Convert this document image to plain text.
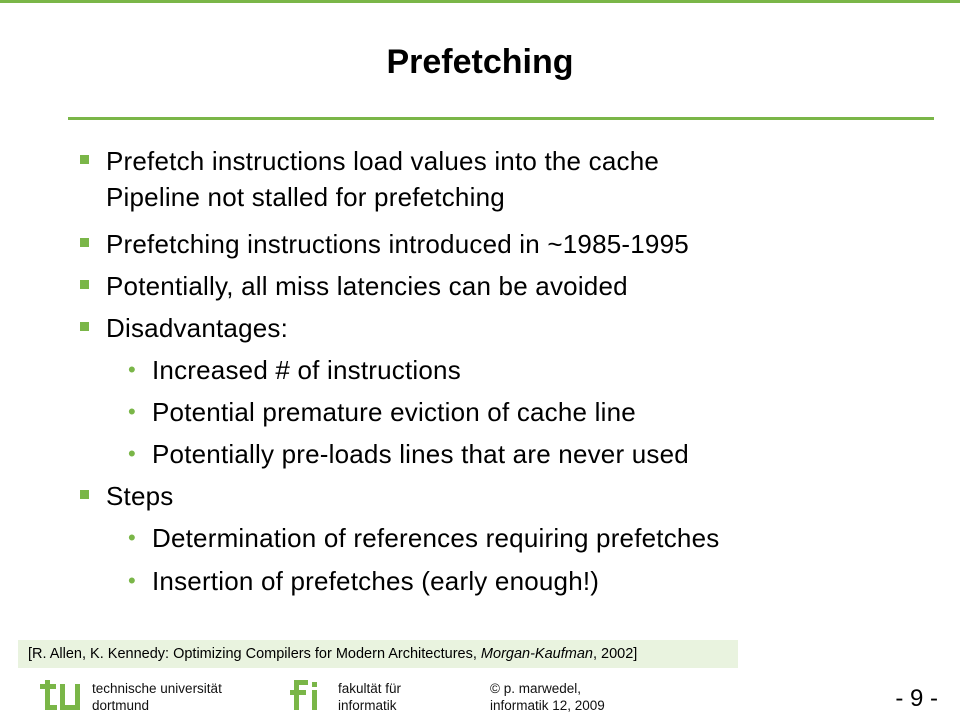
Prefetching
Prefetch instructions load values into the cache
Pipeline not stalled for prefetching
Prefetching instructions introduced in ~1985-1995
Potentially, all miss latencies can be avoided
Disadvantages:
• Increased # of instructions
• Potential premature eviction of cache line
• Potentially pre-loads lines that are never used
Steps
• Determination of references requiring prefetches
• Insertion of prefetches (early enough!)
[R. Allen, K. Kennedy: Optimizing Compilers for Modern Architectures, Morgan-Kaufman, 2002]
technische universität
dortmund
fakultät für
informatik
© p. marwedel,
informatik 12, 2009	- 9 -
